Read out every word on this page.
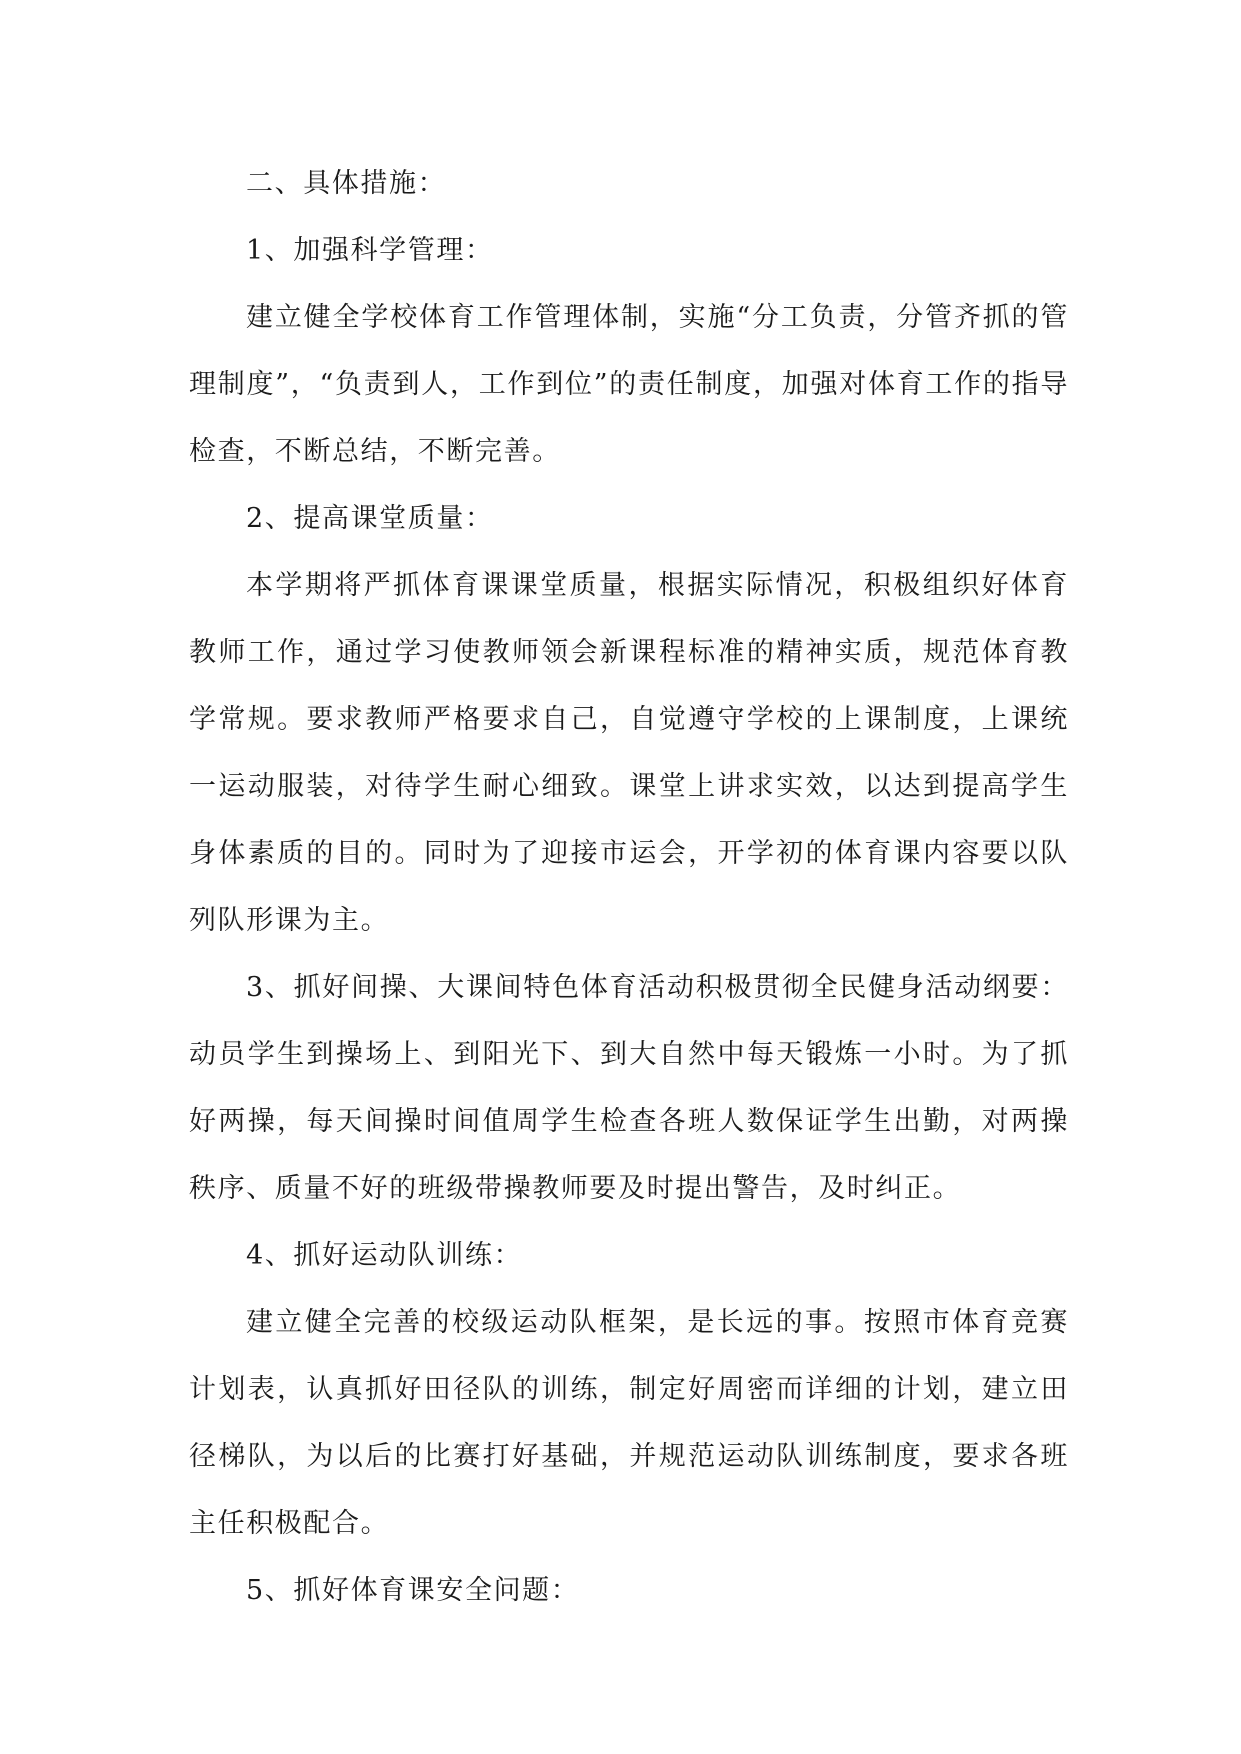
二、具体措施：

1、加强科学管理：

建立健全学校体育工作管理体制，实施“分工负责，分管齐抓的管理制度”，“负责到人，工作到位”的责任制度，加强对体育工作的指导检查，不断总结，不断完善。

2、提高课堂质量：

本学期将严抓体育课课堂质量，根据实际情况，积极组织好体育教师工作，通过学习使教师领会新课程标准的精神实质，规范体育教学常规。要求教师严格要求自己，自觉遵守学校的上课制度，上课统一运动服装，对待学生耐心细致。课堂上讲求实效，以达到提高学生身体素质的目的。同时为了迎接市运会，开学初的体育课内容要以队列队形课为主。

3、抓好间操、大课间特色体育活动积极贯彻全民健身活动纲要：动员学生到操场上、到阳光下、到大自然中每天锻炼一小时。为了抓好两操，每天间操时间值周学生检查各班人数保证学生出勤，对两操秩序、质量不好的班级带操教师要及时提出警告，及时纠正。

4、抓好运动队训练：

建立健全完善的校级运动队框架，是长远的事。按照市体育竞赛计划表，认真抓好田径队的训练，制定好周密而详细的计划，建立田径梯队，为以后的比赛打好基础，并规范运动队训练制度，要求各班主任积极配合。

5、抓好体育课安全问题：
